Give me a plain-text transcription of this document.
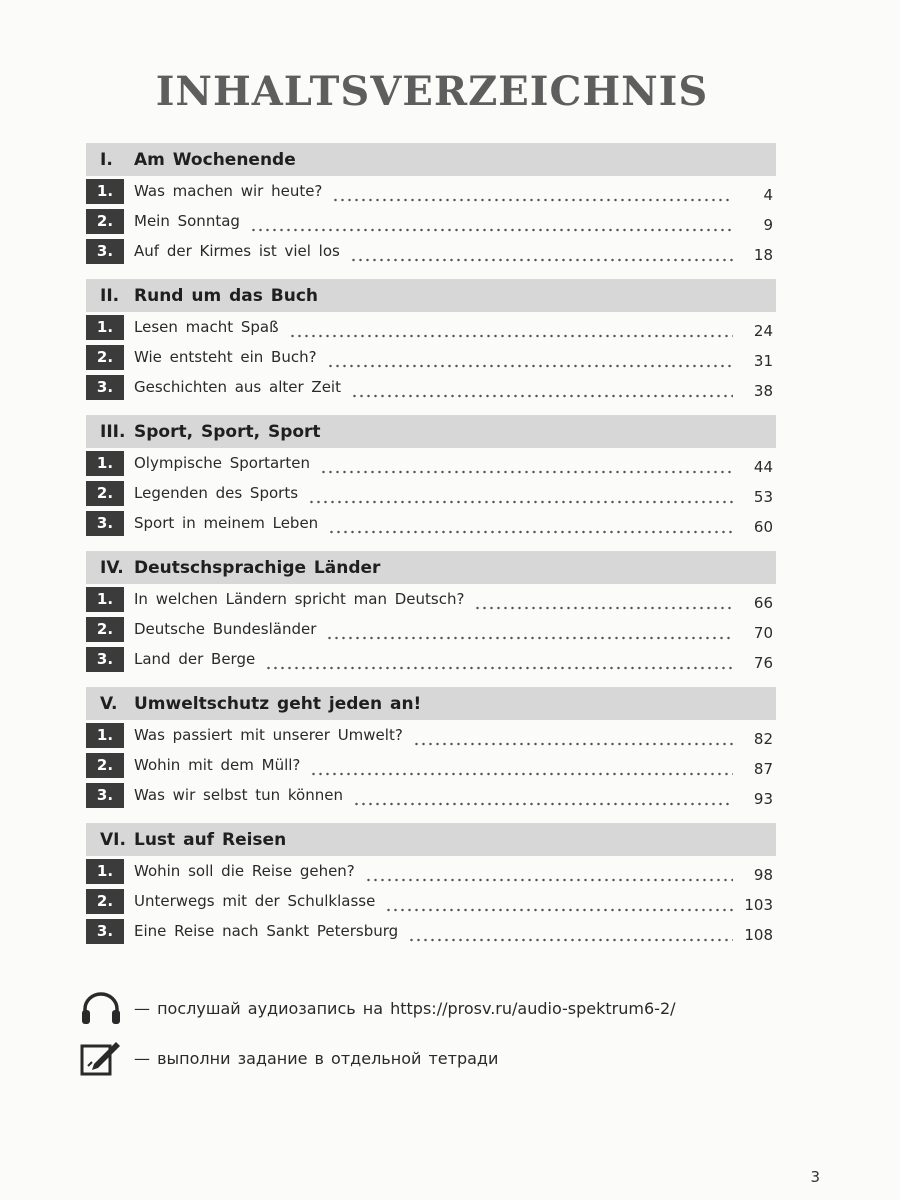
INHALTSVERZEICHNIS
I.	Am Wochenende
1.	Was machen wir heute?	4
2.	Mein Sonntag	9
3.	Auf der Kirmes ist viel los	18
II. Rund um das Buch
1.	Lesen macht Spaß	24
2.	Wie entsteht ein Buch?	31
3.	Geschichten aus alter Zeit	38
III. Sport, Sport, Sport
1.	Olympische Sportarten	44
2.	Legenden des Sports	53
3.	Sport in meinem Leben	60
IV. Deutschsprachige Länder
1.	In welchen Ländern spricht man Deutsch?	66
2.	Deutsche Bundesländer	70
3.	Land der Berge	76
V. Umweltschutz geht jeden an!
1.	Was passiert mit unserer Umwelt?	82
2.	Wohin mit dem Müll?	87
3.	Was wir selbst tun können	93
VI. Lust auf Reisen
1.	Wohin soll die Reise gehen?	98
2.	Unterwegs mit der Schulklasse	103
3.	Eine Reise nach Sankt Petersburg	108
— послушай аудиозапись на https://prosv.ru/audio-spektrum6-2/
— выполни задание в отдельной тетради
3
